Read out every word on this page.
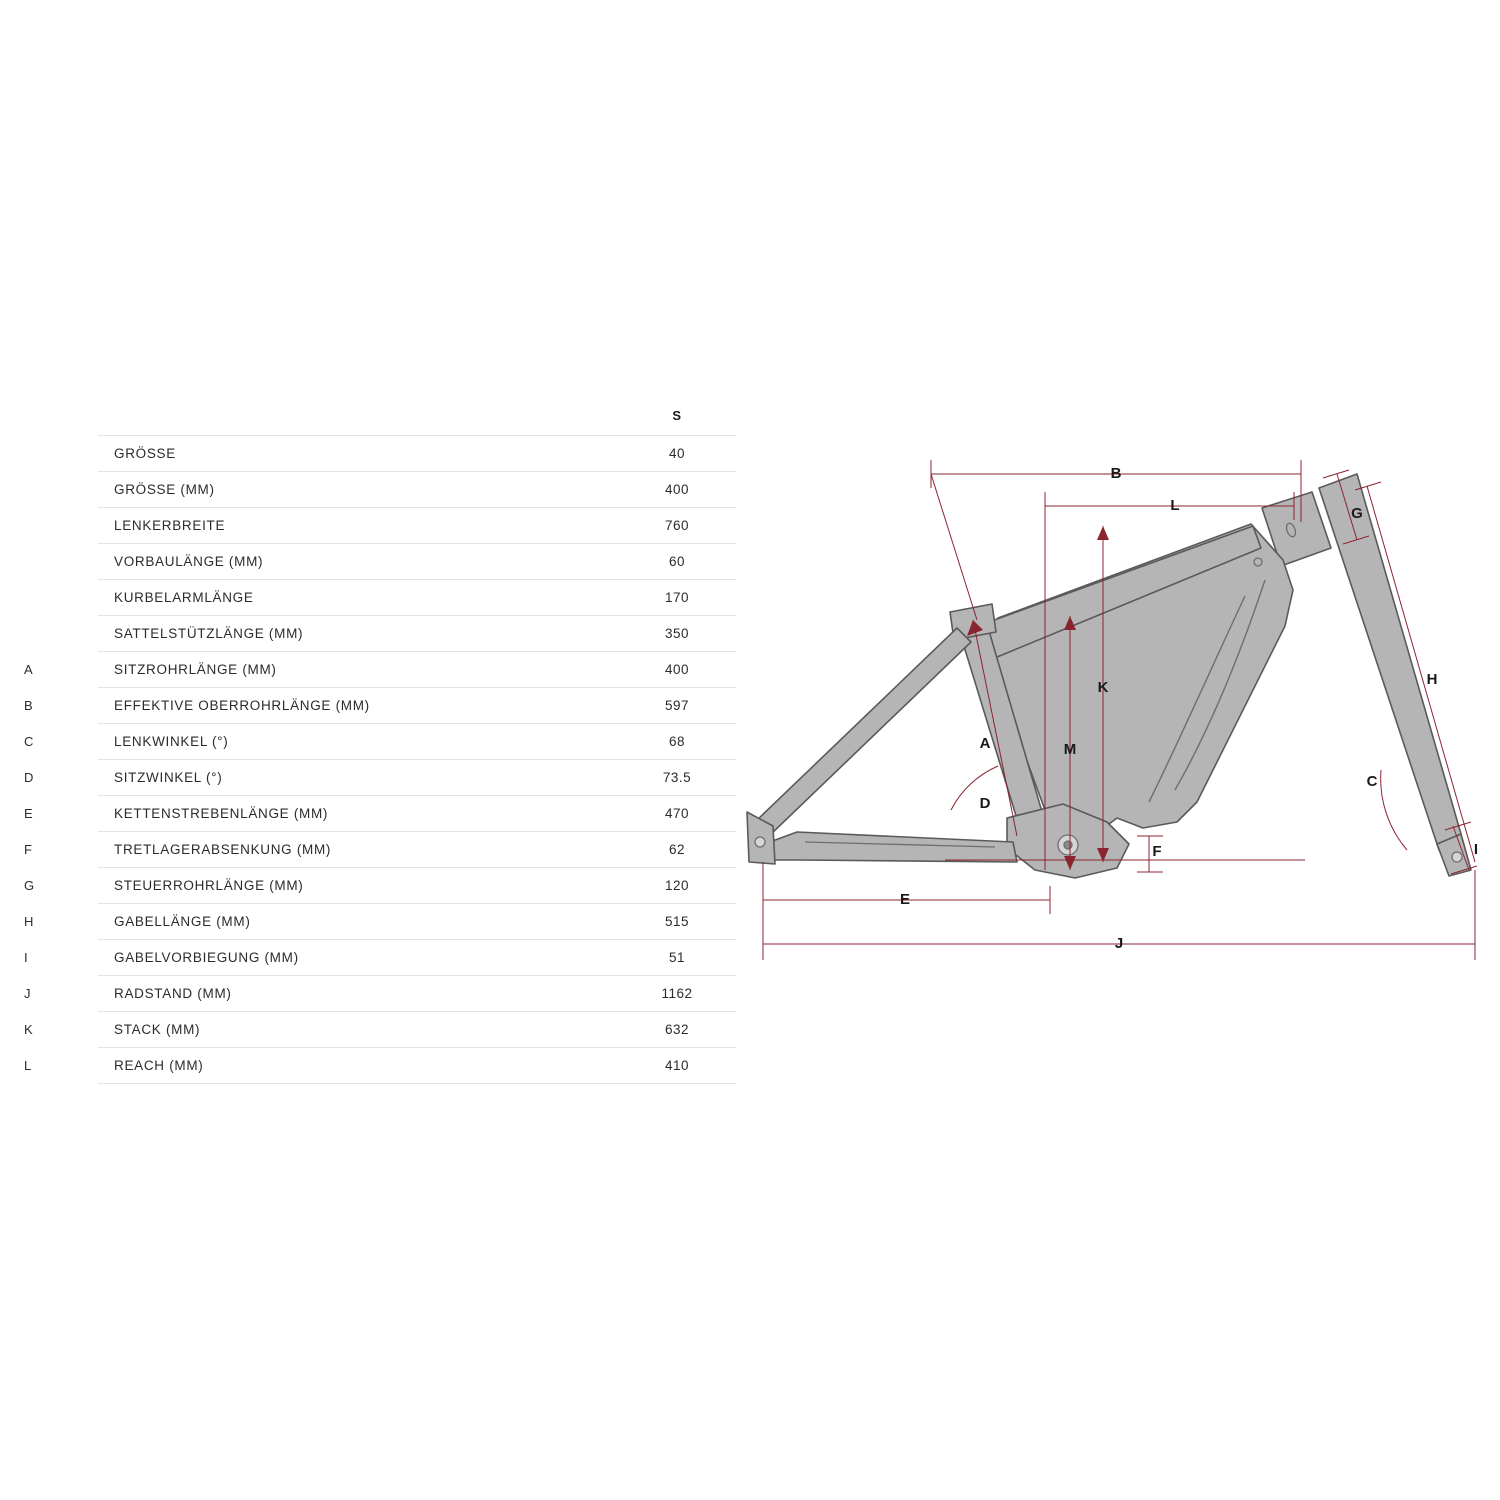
		S
	GRÖSSE	40
	GRÖSSE (MM)	400
	LENKERBREITE	760
	VORBAULÄNGE (MM)	60
	KURBELARMLÄNGE	170
	SATTELSTÜTZLÄNGE (MM)	350
A	SITZROHRLÄNGE (MM)	400
B	EFFEKTIVE OBERROHRLÄNGE (MM)	597
C	LENKWINKEL (°)	68
D	SITZWINKEL (°)	73.5
E	KETTENSTREBENLÄNGE (MM)	470
F	TRETLAGERABSENKUNG (MM)	62
G	STEUERROHRLÄNGE (MM)	120
H	GABELLÄNGE (MM)	515
I	GABELVORBIEGUNG (MM)	51
J	RADSTAND (MM)	1162
K	STACK (MM)	632
L	REACH (MM)	410
B
L	G
K	H
M
A
C
D
F	I
E
J
